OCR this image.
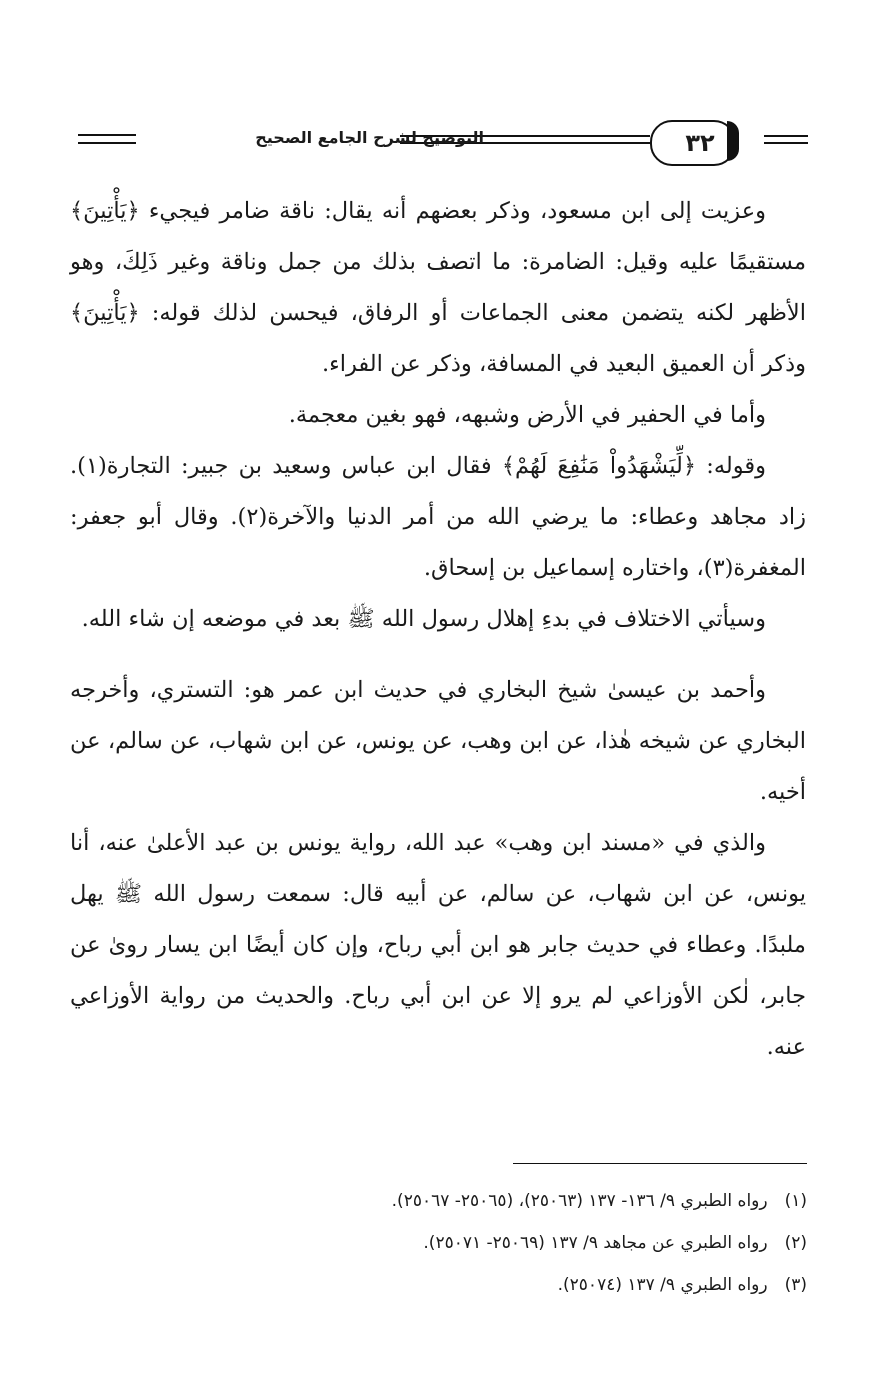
التوضيح لشرح الجامع الصحيح	٣٢

وعزيت إلى ابن مسعود، وذكر بعضهم أنه يقال: ناقة ضامر فيجيء ﴿يَأْتِينَ﴾ مستقيمًا عليه وقيل: الضامرة: ما اتصف بذلك من جمل وناقة وغير ذَلِكَ، وهو الأظهر لكنه يتضمن معنى الجماعات أو الرفاق، فيحسن لذلك قوله: ﴿يَأْتِينَ﴾ وذكر أن العميق البعيد في المسافة، وذكر عن الفراء.

وأما في الحفير في الأرض وشبهه، فهو بغين معجمة.

وقوله: ﴿لِّيَشْهَدُواْ مَنَٰفِعَ لَهُمْ﴾ فقال ابن عباس وسعيد بن جبير: التجارة(١). زاد مجاهد وعطاء: ما يرضي الله من أمر الدنيا والآخرة(٢). وقال أبو جعفر: المغفرة(٣)، واختاره إسماعيل بن إسحاق.

وسيأتي الاختلاف في بدءِ إهلال رسول الله ﷺ بعد في موضعه إن شاء الله.

وأحمد بن عيسىٰ شيخ البخاري في حديث ابن عمر هو: التستري، وأخرجه البخاري عن شيخه هٰذا، عن ابن وهب، عن يونس، عن ابن شهاب، عن سالم، عن أخيه.

والذي في «مسند ابن وهب» عبد الله، رواية يونس بن عبد الأعلىٰ عنه، أنا يونس، عن ابن شهاب، عن سالم، عن أبيه قال: سمعت رسول الله ﷺ يهل ملبدًا. وعطاء في حديث جابر هو ابن أبي رباح، وإن كان أيضًا ابن يسار روىٰ عن جابر، لٰكن الأوزاعي لم يرو إلا عن ابن أبي رباح. والحديث من رواية الأوزاعي عنه.

(١) رواه الطبري ٩/ ١٣٦- ١٣٧ (٢٥٠٦٣)، (٢٥٠٦٥- ٢٥٠٦٧).
(٢) رواه الطبري عن مجاهد ٩/ ١٣٧ (٢٥٠٦٩- ٢٥٠٧١).
(٣) رواه الطبري ٩/ ١٣٧ (٢٥٠٧٤).
